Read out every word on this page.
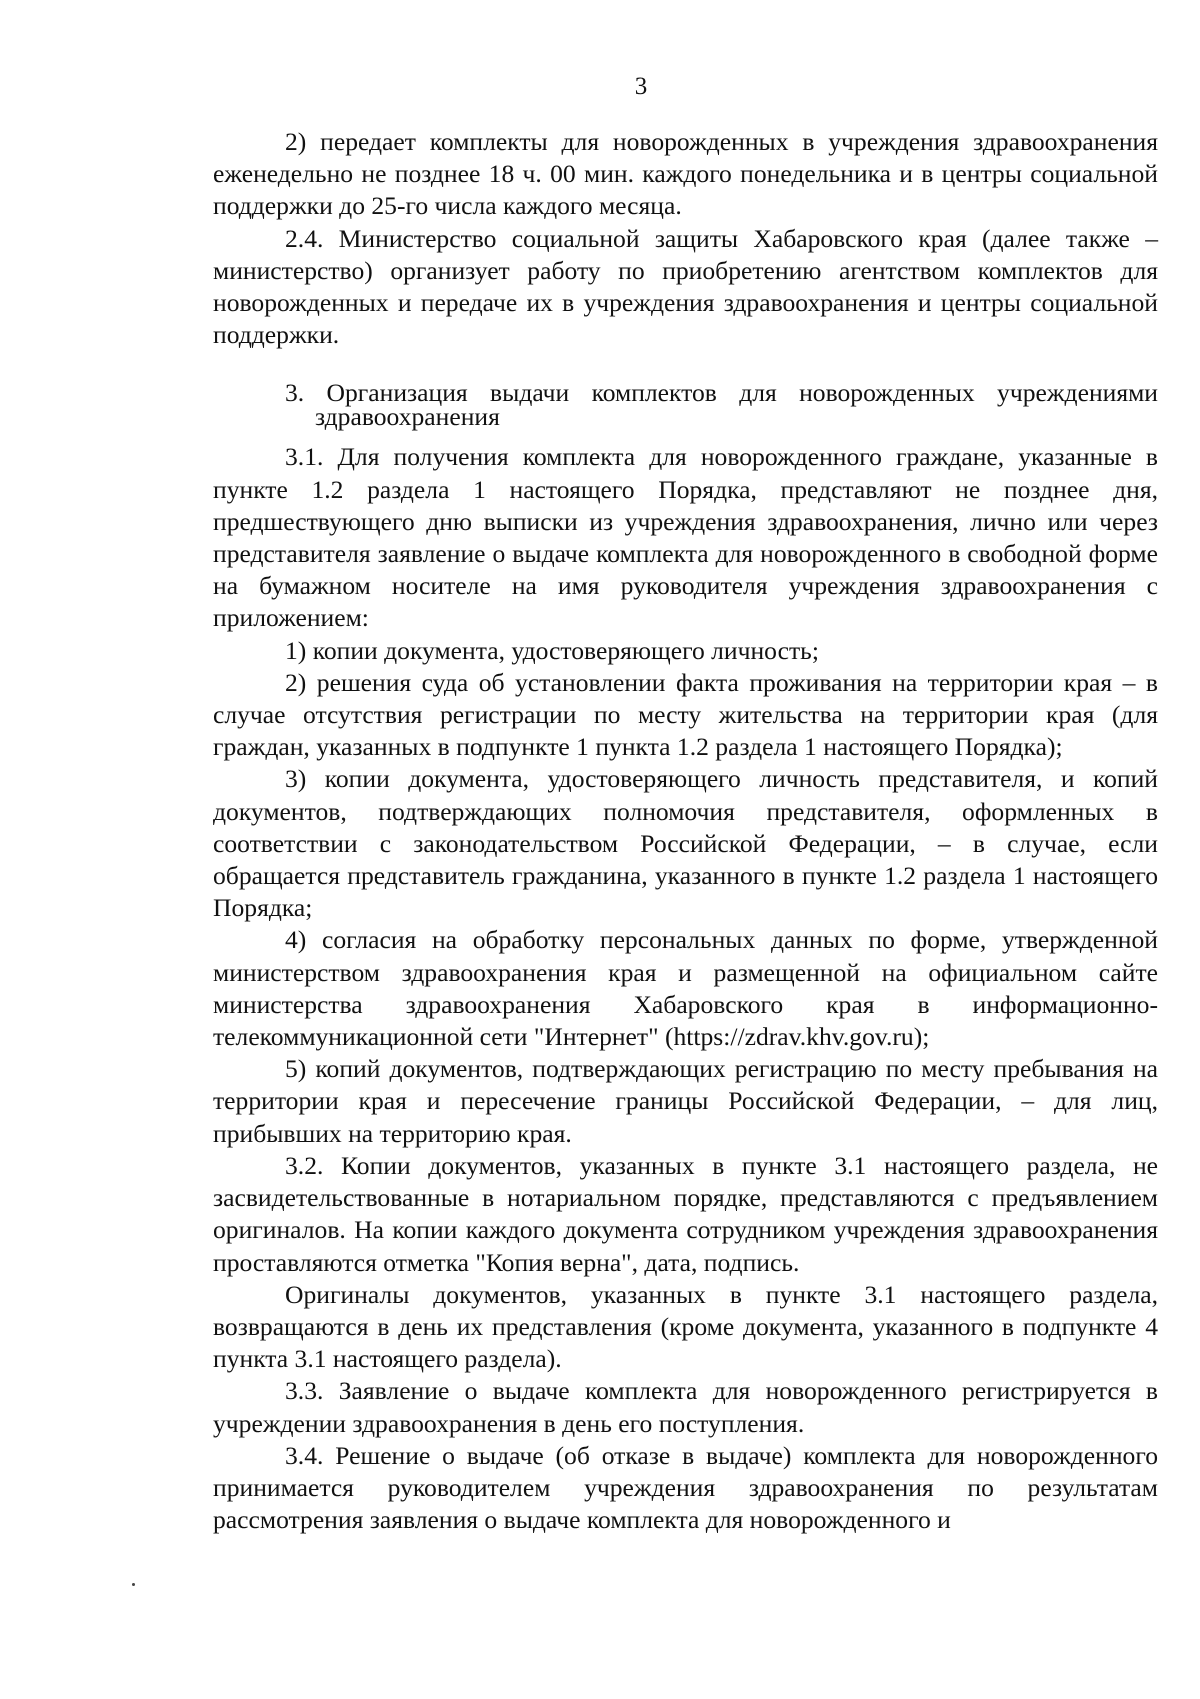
3

2) передает комплекты для новорожденных в учреждения здравоохранения еженедельно не позднее 18 ч. 00 мин. каждого понедельника и в центры социальной поддержки до 25-го числа каждого месяца.

2.4. Министерство социальной защиты Хабаровского края (далее также – министерство) организует работу по приобретению агентством комплектов для новорожденных и передаче их в учреждения здравоохранения и центры социальной поддержки.

3. Организация выдачи комплектов для новорожденных учреждениями здравоохранения

3.1. Для получения комплекта для новорожденного граждане, указанные в пункте 1.2 раздела 1 настоящего Порядка, представляют не позднее дня, предшествующего дню выписки из учреждения здравоохранения, лично или через представителя заявление о выдаче комплекта для новорожденного в свободной форме на бумажном носителе на имя руководителя учреждения здравоохранения с приложением:

1) копии документа, удостоверяющего личность;

2) решения суда об установлении факта проживания на территории края – в случае отсутствия регистрации по месту жительства на территории края (для граждан, указанных в подпункте 1 пункта 1.2 раздела 1 настоящего Порядка);

3) копии документа, удостоверяющего личность представителя, и копий документов, подтверждающих полномочия представителя, оформленных в соответствии с законодательством Российской Федерации, – в случае, если обращается представитель гражданина, указанного в пункте 1.2 раздела 1 настоящего Порядка;

4) согласия на обработку персональных данных по форме, утвержденной министерством здравоохранения края и размещенной на официальном сайте министерства здравоохранения Хабаровского края в информационно-телекоммуникационной сети "Интернет" (https://zdrav.khv.gov.ru);

5) копий документов, подтверждающих регистрацию по месту пребывания на территории края и пересечение границы Российской Федерации, – для лиц, прибывших на территорию края.

3.2. Копии документов, указанных в пункте 3.1 настоящего раздела, не засвидетельствованные в нотариальном порядке, представляются с предъявлением оригиналов. На копии каждого документа сотрудником учреждения здравоохранения проставляются отметка "Копия верна", дата, подпись.

Оригиналы документов, указанных в пункте 3.1 настоящего раздела, возвращаются в день их представления (кроме документа, указанного в подпункте 4 пункта 3.1 настоящего раздела).

3.3. Заявление о выдаче комплекта для новорожденного регистрируется в учреждении здравоохранения в день его поступления.

3.4. Решение о выдаче (об отказе в выдаче) комплекта для новорожденного принимается руководителем учреждения здравоохранения по результатам рассмотрения заявления о выдаче комплекта для новорожденного и
